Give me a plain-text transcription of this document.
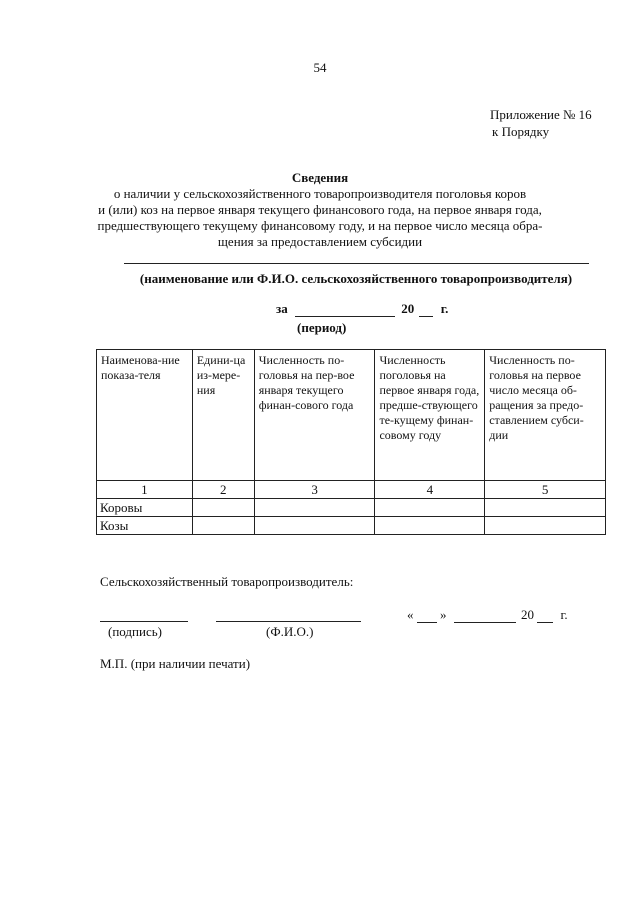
54
Приложение № 16
к Порядку
Сведения
о наличии у сельскохозяйственного товаропроизводителя поголовья коров
и (или) коз на первое января текущего финансового года, на первое января года,
предшествующего текущему финансовому году, и на первое число месяца обра-
щения за предоставлением субсидии
(наименование или Ф.И.О. сельскохозяйственного товаропроизводителя)
за	20 г.
(период)
Наименова-ние показа-теля	Едини-ца из-мере-ния	Численность по-головья на пер-вое января текущего финан-сового года	Численность поголовья на первое января года, предше-ствующего те-кущему финан-совому году	Численность по-головья на первое число месяца об-ращения за предо-ставлением субси-дии
1	2	3	4	5
Коровы				
Козы				
Сельскохозяйственный товаропроизводитель:
(подпись)	(Ф.И.О.)
« »	20 г.
М.П. (при наличии печати)
